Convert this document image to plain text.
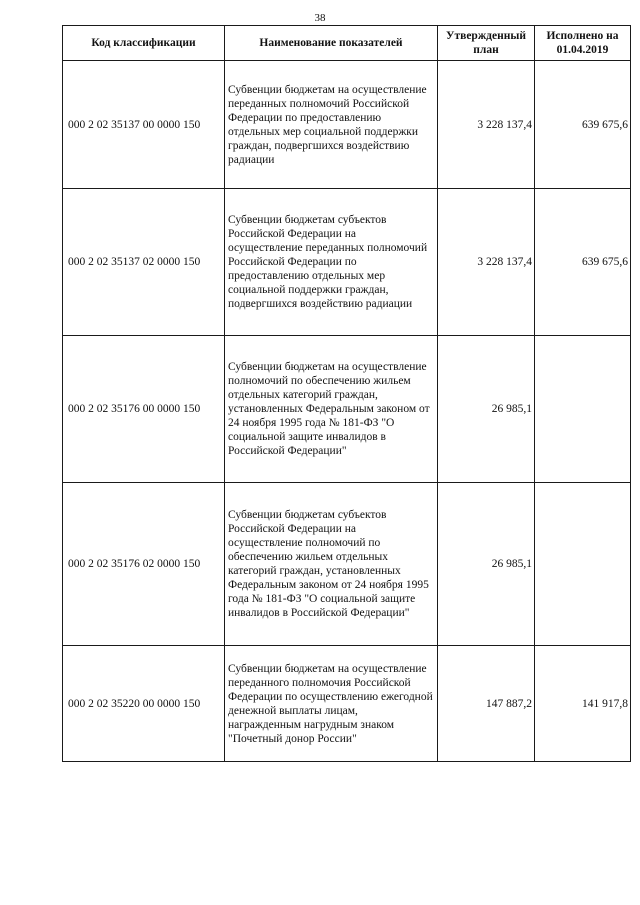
38
Код классификации	Наименование показателей	Утвержденный план	Исполнено на 01.04.2019
000 2 02 35137 00 0000 150	Субвенции бюджетам на осуществление переданных полномочий Российской Федерации по предоставлению отдельных мер социальной поддержки граждан, подвергшихся воздействию радиации	3 228 137,4	639 675,6
000 2 02 35137 02 0000 150	Субвенции бюджетам субъектов Российской Федерации на осуществление переданных полномочий Российской Федерации по предоставлению отдельных мер социальной поддержки граждан, подвергшихся воздействию радиации	3 228 137,4	639 675,6
000 2 02 35176 00 0000 150	Субвенции бюджетам на осуществление полномочий по обеспечению жильем отдельных категорий граждан, установленных Федеральным законом от 24 ноября 1995 года № 181-ФЗ "О социальной защите инвалидов в Российской Федерации"	26 985,1	
000 2 02 35176 02 0000 150	Субвенции бюджетам субъектов Российской Федерации на осуществление полномочий по обеспечению жильем отдельных категорий граждан, установленных Федеральным законом от 24 ноября 1995 года № 181-ФЗ "О социальной защите инвалидов в Российской Федерации"	26 985,1	
000 2 02 35220 00 0000 150	Субвенции бюджетам на осуществление переданного полномочия Российской Федерации по осуществлению ежегодной денежной выплаты лицам, награжденным нагрудным знаком "Почетный донор России"	147 887,2	141 917,8
